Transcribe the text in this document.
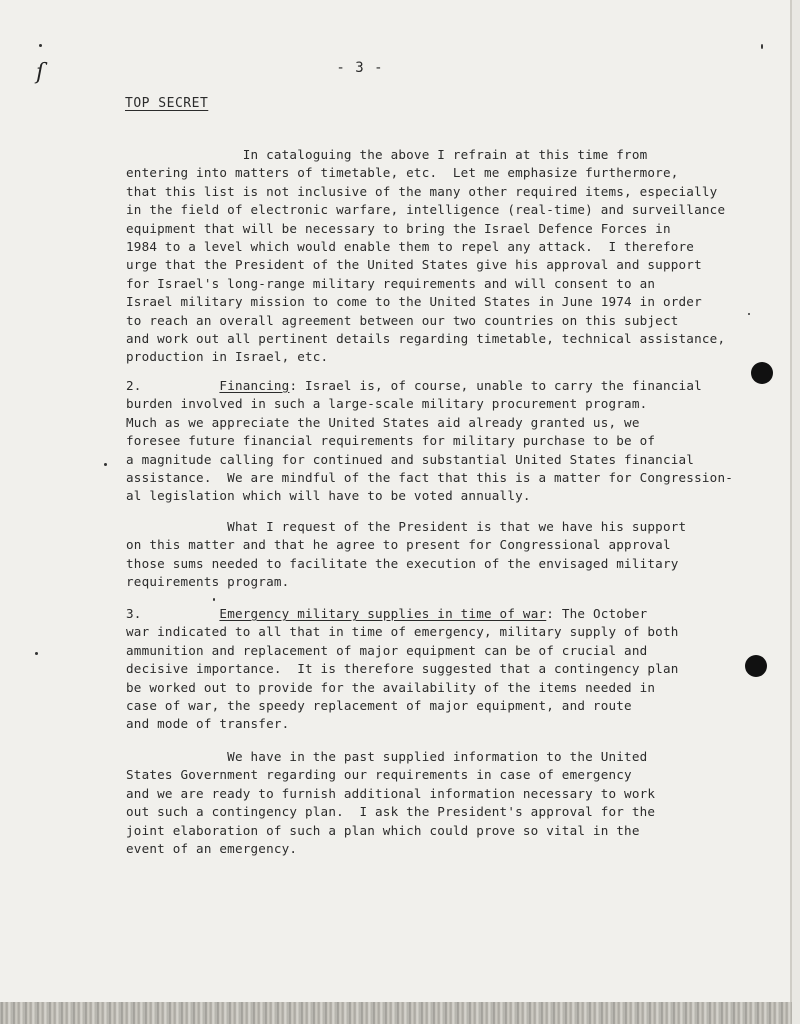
ſ	- 3 -
TOP SECRET
In cataloguing the above I refrain at this time from
entering into matters of timetable, etc.  Let me emphasize furthermore,
that this list is not inclusive of the many other required items, especially
in the field of electronic warfare, intelligence (real-time) and surveillance
equipment that will be necessary to bring the Israel Defence Forces in
1984 to a level which would enable them to repel any attack.  I therefore
urge that the President of the United States give his approval and support
for Israel's long-range military requirements and will consent to an
Israel military mission to come to the United States in June 1974 in order
to reach an overall agreement between our two countries on this subject
and work out all pertinent details regarding timetable, technical assistance,
production in Israel, etc.
2.	Financing: Israel is, of course, unable to carry the financial
burden involved in such a large-scale military procurement program.
Much as we appreciate the United States aid already granted us, we
foresee future financial requirements for military purchase to be of
a magnitude calling for continued and substantial United States financial
assistance.  We are mindful of the fact that this is a matter for Congression-
al legislation which will have to be voted annually.
What I request of the President is that we have his support
on this matter and that he agree to present for Congressional approval
those sums needed to facilitate the execution of the envisaged military
requirements program.
3.	Emergency military supplies in time of war: The October
war indicated to all that in time of emergency, military supply of both
ammunition and replacement of major equipment can be of crucial and
decisive importance.  It is therefore suggested that a contingency plan
be worked out to provide for the availability of the items needed in
case of war, the speedy replacement of major equipment, and route
and mode of transfer.
We have in the past supplied information to the United
States Government regarding our requirements in case of emergency
and we are ready to furnish additional information necessary to work
out such a contingency plan.  I ask the President's approval for the
joint elaboration of such a plan which could prove so vital in the
event of an emergency.
